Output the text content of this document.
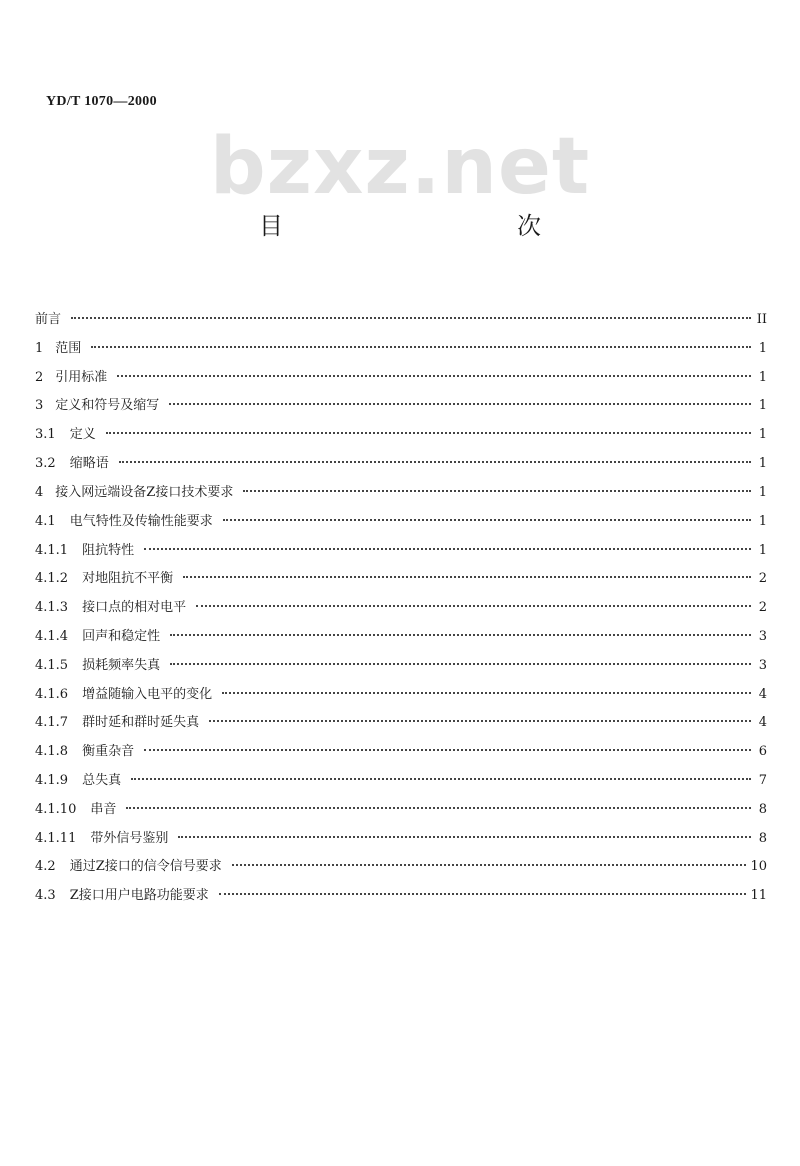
YD/T 1070—2000
bzxz.net
目　　次
前言	II
1 范围	1
2 引用标准	1
3 定义和符号及缩写	1
3.1 定义	1
3.2 缩略语	1
4 接入网远端设备Z接口技术要求	1
4.1 电气特性及传输性能要求	1
4.1.1 阻抗特性	1
4.1.2 对地阻抗不平衡	2
4.1.3 接口点的相对电平	2
4.1.4 回声和稳定性	3
4.1.5 损耗频率失真	3
4.1.6 增益随输入电平的变化	4
4.1.7 群时延和群时延失真	4
4.1.8 衡重杂音	6
4.1.9 总失真	7
4.1.10 串音	8
4.1.11 带外信号鉴别	8
4.2 通过Z接口的信令信号要求	10
4.3 Z接口用户电路功能要求	11
